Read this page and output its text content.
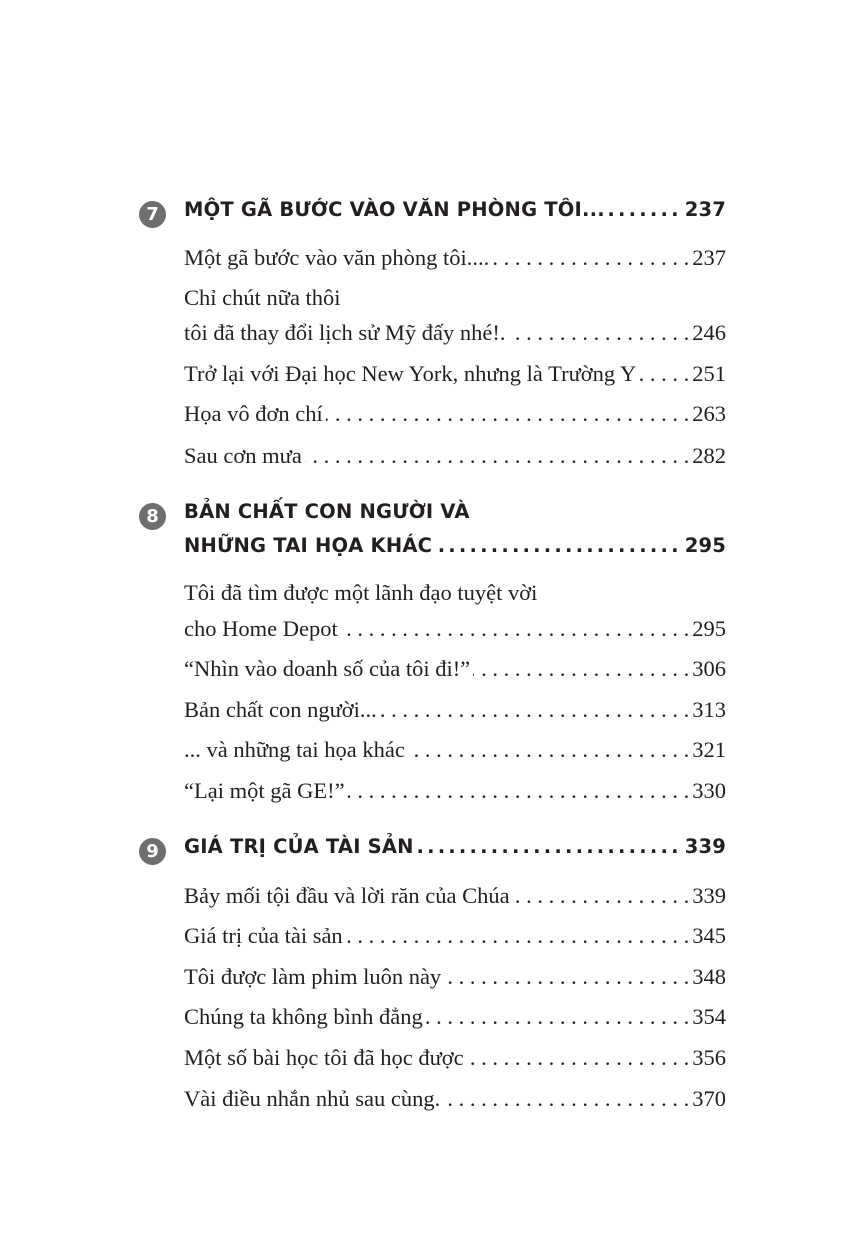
7	MỘT GÃ BƯỚC VÀO VĂN PHÒNG TÔI... .....	237
Một gã bước vào văn phòng tôi.... . . .	237
Chỉ chút nữa thôi
tôi đã thay đổi lịch sử Mỹ đấy nhé!. . . .	246
Trở lại với Đại học New York, nhưng là Trường Y . . . 251
Họa vô đơn chí . . .	263
Sau cơn mưa . . .	282
8	BẢN CHẤT CON NGƯỜI VÀ
NHỮNG TAI HỌA KHÁC .....	295
Tôi đã tìm được một lãnh đạo tuyệt vời
cho Home Depot . . .	295
“Nhìn vào doanh số của tôi đi!” . . .	306
Bản chất con người... . . .	313
... và những tai họa khác . . .	321
“Lại một gã GE!” . . .	330
9	GIÁ TRỊ CỦA TÀI SẢN .....	339
Bảy mối tội đầu và lời răn của Chúa . . .	339
Giá trị của tài sản . . .	345
Tôi được làm phim luôn này . . .	348
Chúng ta không bình đẳng . . .	354
Một số bài học tôi đã học được . . .	356
Vài điều nhắn nhủ sau cùng. . . .	370
